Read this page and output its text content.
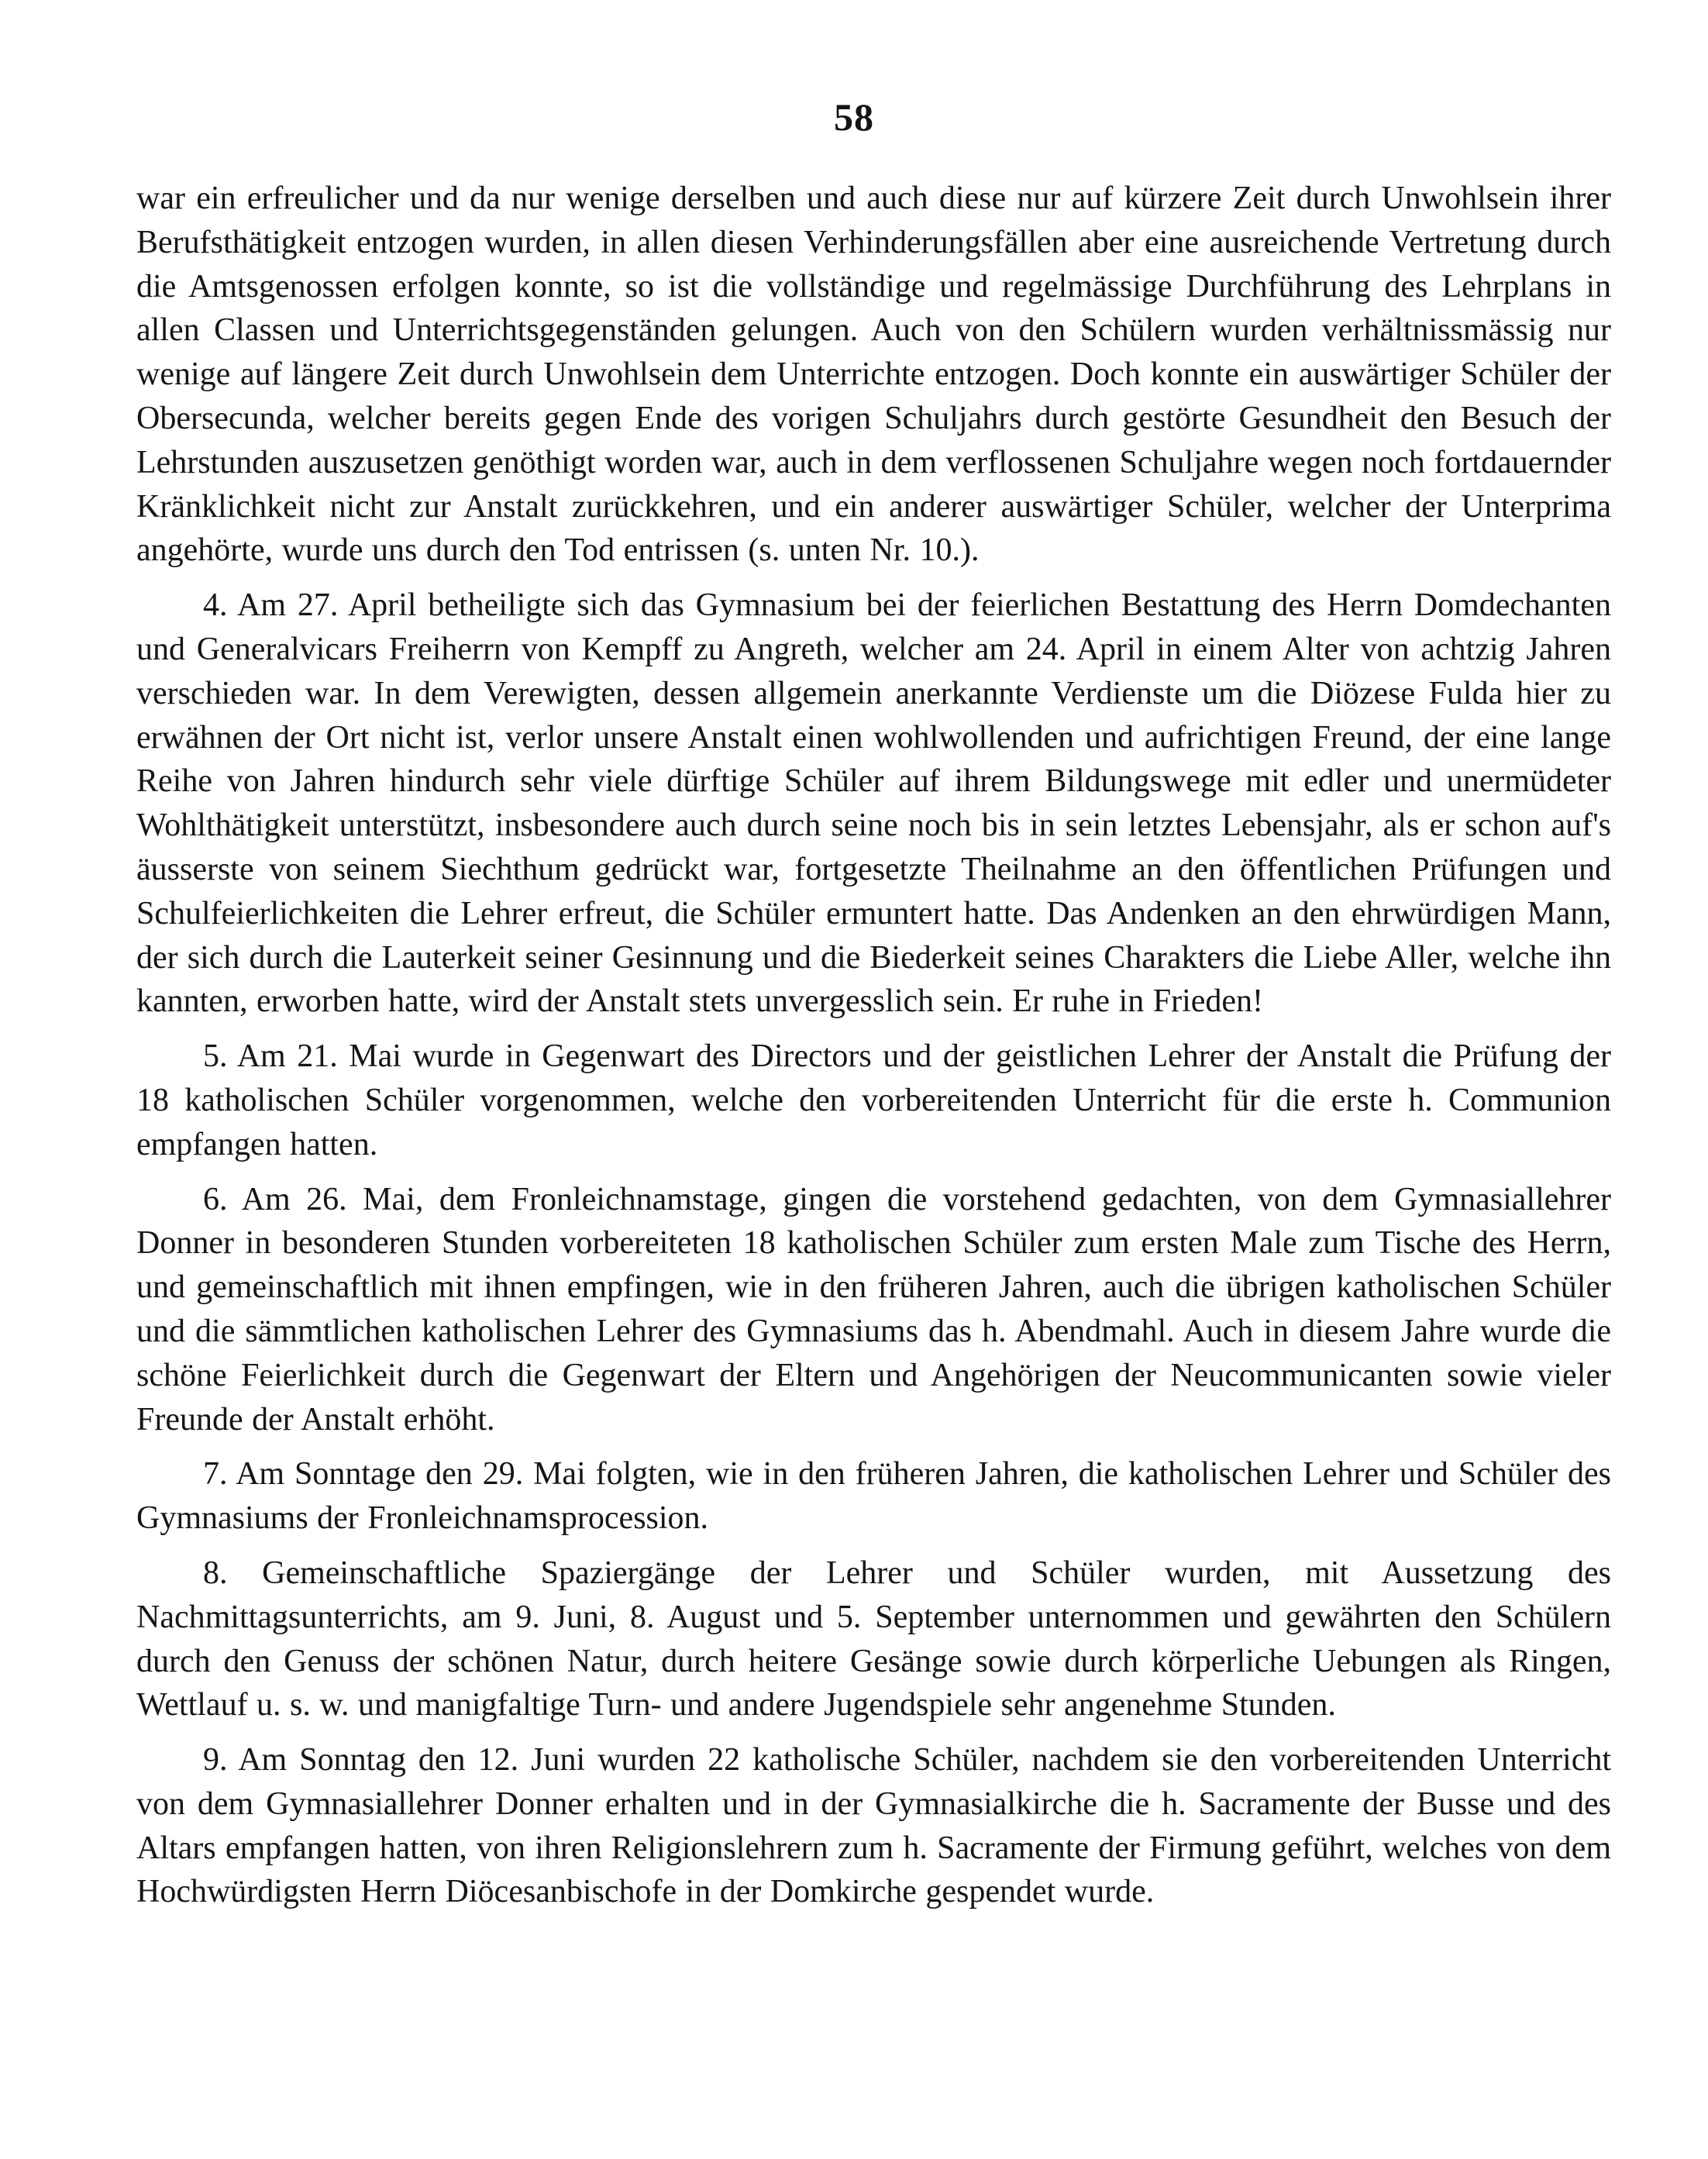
58

war ein erfreulicher und da nur wenige derselben und auch diese nur auf kürzere Zeit durch Unwohlsein ihrer Berufsthätigkeit entzogen wurden, in allen diesen Verhinderungsfällen aber eine ausreichende Vertretung durch die Amtsgenossen erfolgen konnte, so ist die vollständige und regelmässige Durchführung des Lehrplans in allen Classen und Unterrichtsgegenständen gelungen. Auch von den Schülern wurden verhältnissmässig nur wenige auf längere Zeit durch Unwohlsein dem Unterrichte entzogen. Doch konnte ein auswärtiger Schüler der Obersecunda, welcher bereits gegen Ende des vorigen Schuljahrs durch gestörte Gesundheit den Besuch der Lehrstunden auszusetzen genöthigt worden war, auch in dem verflossenen Schuljahre wegen noch fortdauernder Kränklichkeit nicht zur Anstalt zurückkehren, und ein anderer auswärtiger Schüler, welcher der Unterprima angehörte, wurde uns durch den Tod entrissen (s. unten Nr. 10.).

4. Am 27. April betheiligte sich das Gymnasium bei der feierlichen Bestattung des Herrn Domdechanten und Generalvicars Freiherrn von Kempff zu Angreth, welcher am 24. April in einem Alter von achtzig Jahren verschieden war. In dem Verewigten, dessen allgemein anerkannte Verdienste um die Diözese Fulda hier zu erwähnen der Ort nicht ist, verlor unsere Anstalt einen wohlwollenden und aufrichtigen Freund, der eine lange Reihe von Jahren hindurch sehr viele dürftige Schüler auf ihrem Bildungswege mit edler und unermüdeter Wohlthätigkeit unterstützt, insbesondere auch durch seine noch bis in sein letztes Lebensjahr, als er schon auf's äusserste von seinem Siechthum gedrückt war, fortgesetzte Theilnahme an den öffentlichen Prüfungen und Schulfeierlichkeiten die Lehrer erfreut, die Schüler ermuntert hatte. Das Andenken an den ehrwürdigen Mann, der sich durch die Lauterkeit seiner Gesinnung und die Biederkeit seines Charakters die Liebe Aller, welche ihn kannten, erworben hatte, wird der Anstalt stets unvergesslich sein. Er ruhe in Frieden!

5. Am 21. Mai wurde in Gegenwart des Directors und der geistlichen Lehrer der Anstalt die Prüfung der 18 katholischen Schüler vorgenommen, welche den vorbereitenden Unterricht für die erste h. Communion empfangen hatten.

6. Am 26. Mai, dem Fronleichnamstage, gingen die vorstehend gedachten, von dem Gymnasiallehrer Donner in besonderen Stunden vorbereiteten 18 katholischen Schüler zum ersten Male zum Tische des Herrn, und gemeinschaftlich mit ihnen empfingen, wie in den früheren Jahren, auch die übrigen katholischen Schüler und die sämmtlichen katholischen Lehrer des Gymnasiums das h. Abendmahl. Auch in diesem Jahre wurde die schöne Feierlichkeit durch die Gegenwart der Eltern und Angehörigen der Neucommunicanten sowie vieler Freunde der Anstalt erhöht.

7. Am Sonntage den 29. Mai folgten, wie in den früheren Jahren, die katholischen Lehrer und Schüler des Gymnasiums der Fronleichnamsprocession.

8. Gemeinschaftliche Spaziergänge der Lehrer und Schüler wurden, mit Aussetzung des Nachmittagsunterrichts, am 9. Juni, 8. August und 5. September unternommen und gewährten den Schülern durch den Genuss der schönen Natur, durch heitere Gesänge sowie durch körperliche Uebungen als Ringen, Wettlauf u. s. w. und manigfaltige Turn- und andere Jugendspiele sehr angenehme Stunden.

9. Am Sonntag den 12. Juni wurden 22 katholische Schüler, nachdem sie den vorbereitenden Unterricht von dem Gymnasiallehrer Donner erhalten und in der Gymnasialkirche die h. Sacramente der Busse und des Altars empfangen hatten, von ihren Religionslehrern zum h. Sacramente der Firmung geführt, welches von dem Hochwürdigsten Herrn Diöcesanbischofe in der Domkirche gespendet wurde.
